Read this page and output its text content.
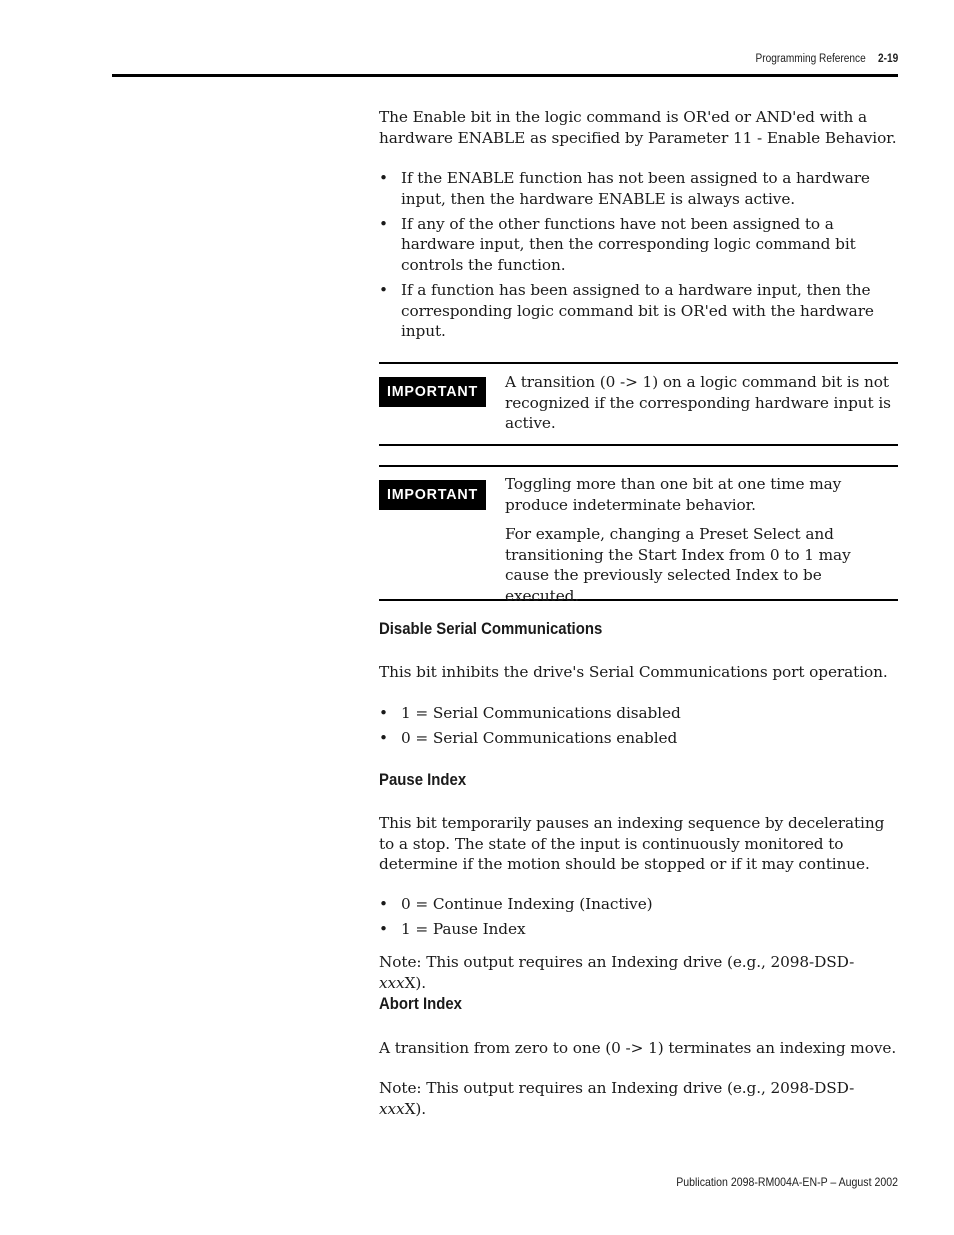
Programming Reference 2-19

The Enable bit in the logic command is OR'ed or AND'ed with a hardware ENABLE as specified by Parameter 11 - Enable Behavior.

• If the ENABLE function has not been assigned to a hardware input, then the hardware ENABLE is always active.
• If any of the other functions have not been assigned to a hardware input, then the corresponding logic command bit controls the function.
• If a function has been assigned to a hardware input, then the corresponding logic command bit is OR'ed with the hardware input.
IMPORTANT

A transition (0 -> 1) on a logic command bit is not recognized if the corresponding hardware input is active.

IMPORTANT

Toggling more than one bit at one time may produce indeterminate behavior.

For example, changing a Preset Select and transitioning the Start Index from 0 to 1 may cause the previously selected Index to be executed.

Disable Serial Communications

This bit inhibits the drive's Serial Communications port operation.

• 1 = Serial Communications disabled
• 0 = Serial Communications enabled
Pause Index

This bit temporarily pauses an indexing sequence by decelerating to a stop. The state of the input is continuously monitored to determine if the motion should be stopped or if it may continue.

• 0 = Continue Indexing (Inactive)
• 1 = Pause Index

Note: This output requires an Indexing drive (e.g., 2098-DSD-xxxX).

Abort Index

A transition from zero to one (0 -> 1) terminates an indexing move.

Note: This output requires an Indexing drive (e.g., 2098-DSD-xxxX).

Publication 2098-RM004A-EN-P – August 2002
